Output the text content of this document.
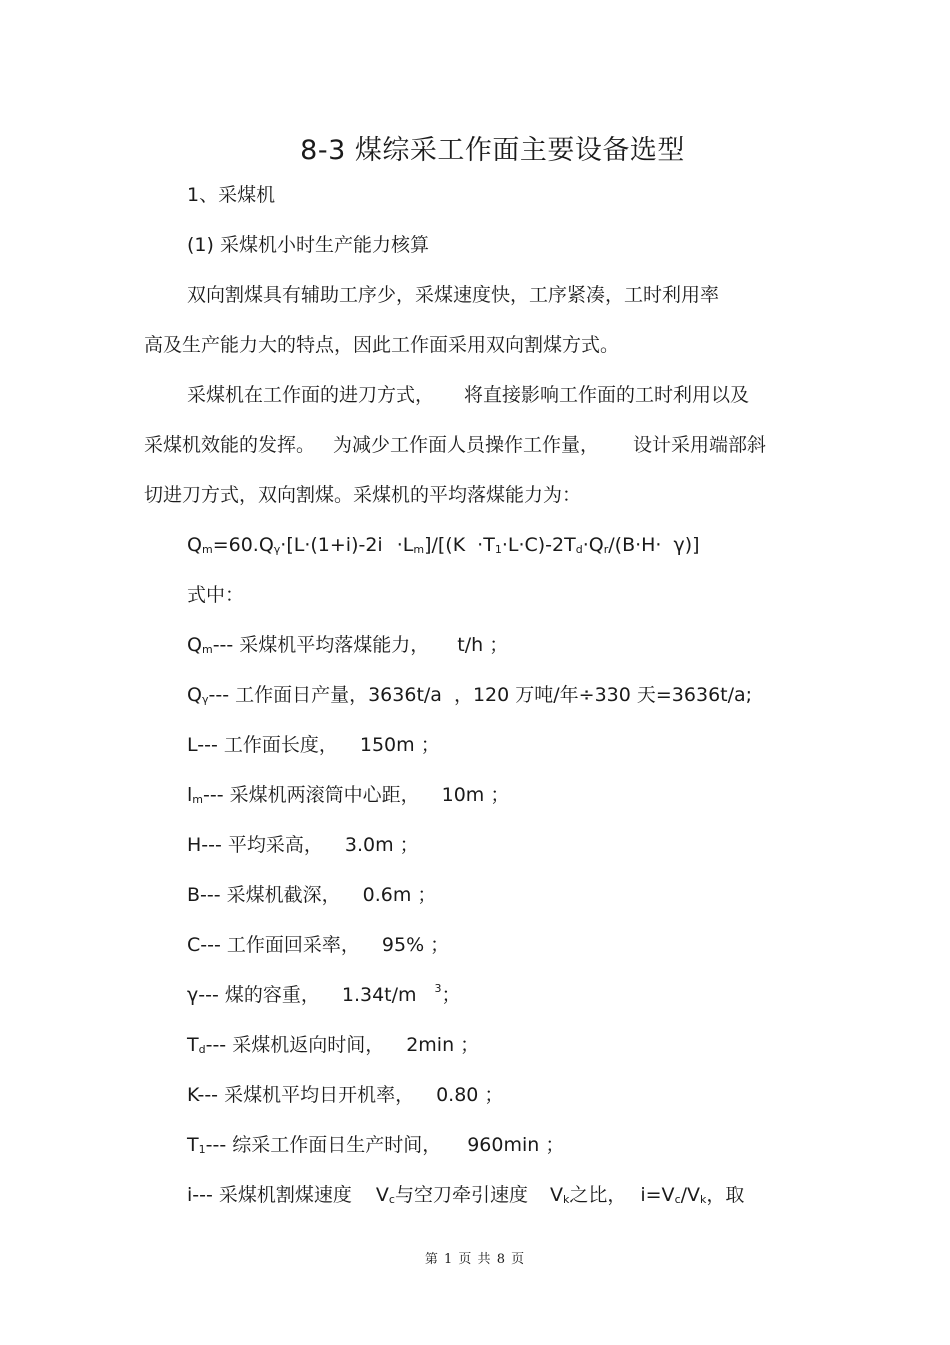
8-3 煤综采工作面主要设备选型
1、采煤机
(1) 采煤机小时生产能力核算
双向割煤具有辅助工序少，采煤速度快，工序紧凑，工时利用率
高及生产能力大的特点，因此工作面采用双向割煤方式。
采煤机在工作面的进刀方式， 将直接影响工作面的工时利用以及
采煤机效能的发挥。 为减少工作面人员操作工作量， 设计采用端部斜
切进刀方式，双向割煤。采煤机的平均落煤能力为：
$Q_m=60.Q_\gamma\cdot[L\cdot(1+i)-2i \cdot L_m]/[(K \cdot T_1\cdot L\cdot C)-2T_d\cdot Q_r/(B\cdot H\cdot \gamma)]$
式中：
$Q_m---$ 采煤机平均落煤能力， t/h ；
$Q_\gamma---$ 工作面日产量，3636t/a ，120 万吨/年÷330 天=3636t/a;
L--- 工作面长度， 150m ；
$l_m---$ 采煤机两滚筒中心距， 10m ；
H--- 平均采高， 3.0m ；
B--- 采煤机截深， 0.6m ；
C--- 工作面回采率， 95% ；
γ--- 煤的容重， 1.34t/m $^3$；
$T_d---$ 采煤机返向时间， 2min ；
K--- 采煤机平均日开机率， 0.80 ；
$T_1---$ 综采工作面日生产时间， 960min ；
i--- 采煤机割煤速度 $V_c$与空刀牵引速度 $V_k$之比， $i=V_c/V_k$，取
第 1 页 共 8 页
